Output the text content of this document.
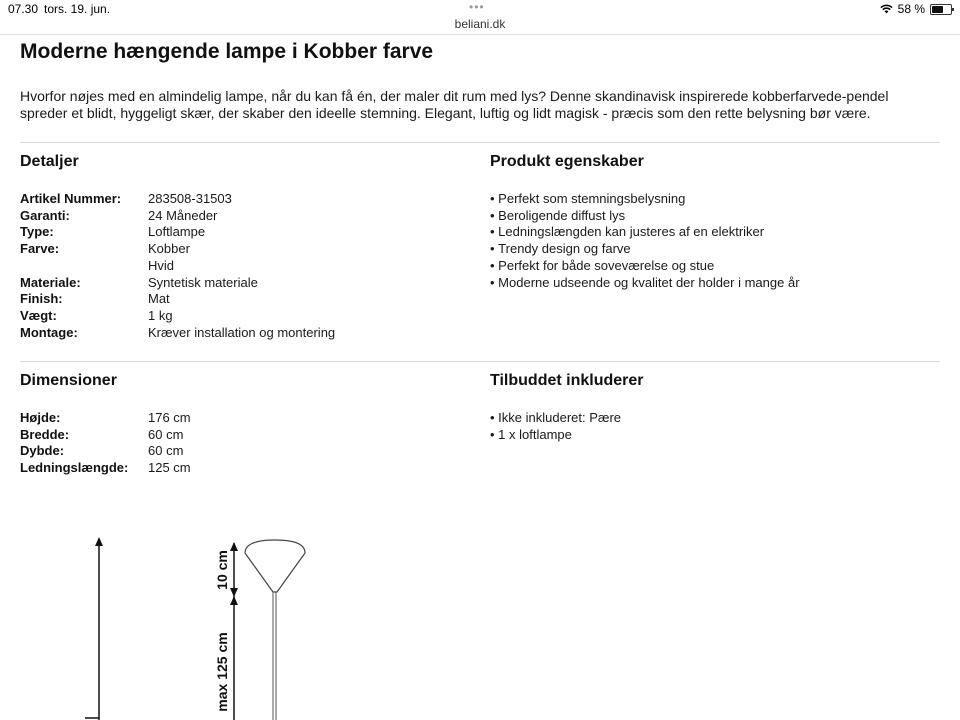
07.30 tors. 19. jun.	•••
beliani.dk
58 %
Moderne hængende lampe i Kobber farve

Hvorfor nøjes med en almindelig lampe, når du kan få én, der maler dit rum med lys? Denne skandinavisk inspirerede kobberfarvede-pendel spreder et blidt, hyggeligt skær, der skaber den ideelle stemning. Elegant, luftig og lidt magisk - præcis som den rette belysning bør være.

Detaljer
Artikel Nummer:	283508-31503
Garanti:	24 Måneder
Type:	Loftlampe
Farve:	Kobber
Hvid
Materiale:	Syntetisk materiale
Finish:	Mat
Vægt:	1 kg
Montage:	Kræver installation og montering
Produkt egenskaber
• Perfekt som stemningsbelysning
• Beroligende diffust lys
• Ledningslængden kan justeres af en elektriker
• Trendy design og farve
• Perfekt for både soveværelse og stue
• Moderne udseende og kvalitet der holder i mange år
Dimensioner
Højde:	176 cm
Bredde:	60 cm
Dybde:	60 cm
Ledningslængde:	125 cm
Tilbuddet inkluderer
• Ikke inkluderet: Pære
• 1 x loftlampe
10 cm
max 125 cm
